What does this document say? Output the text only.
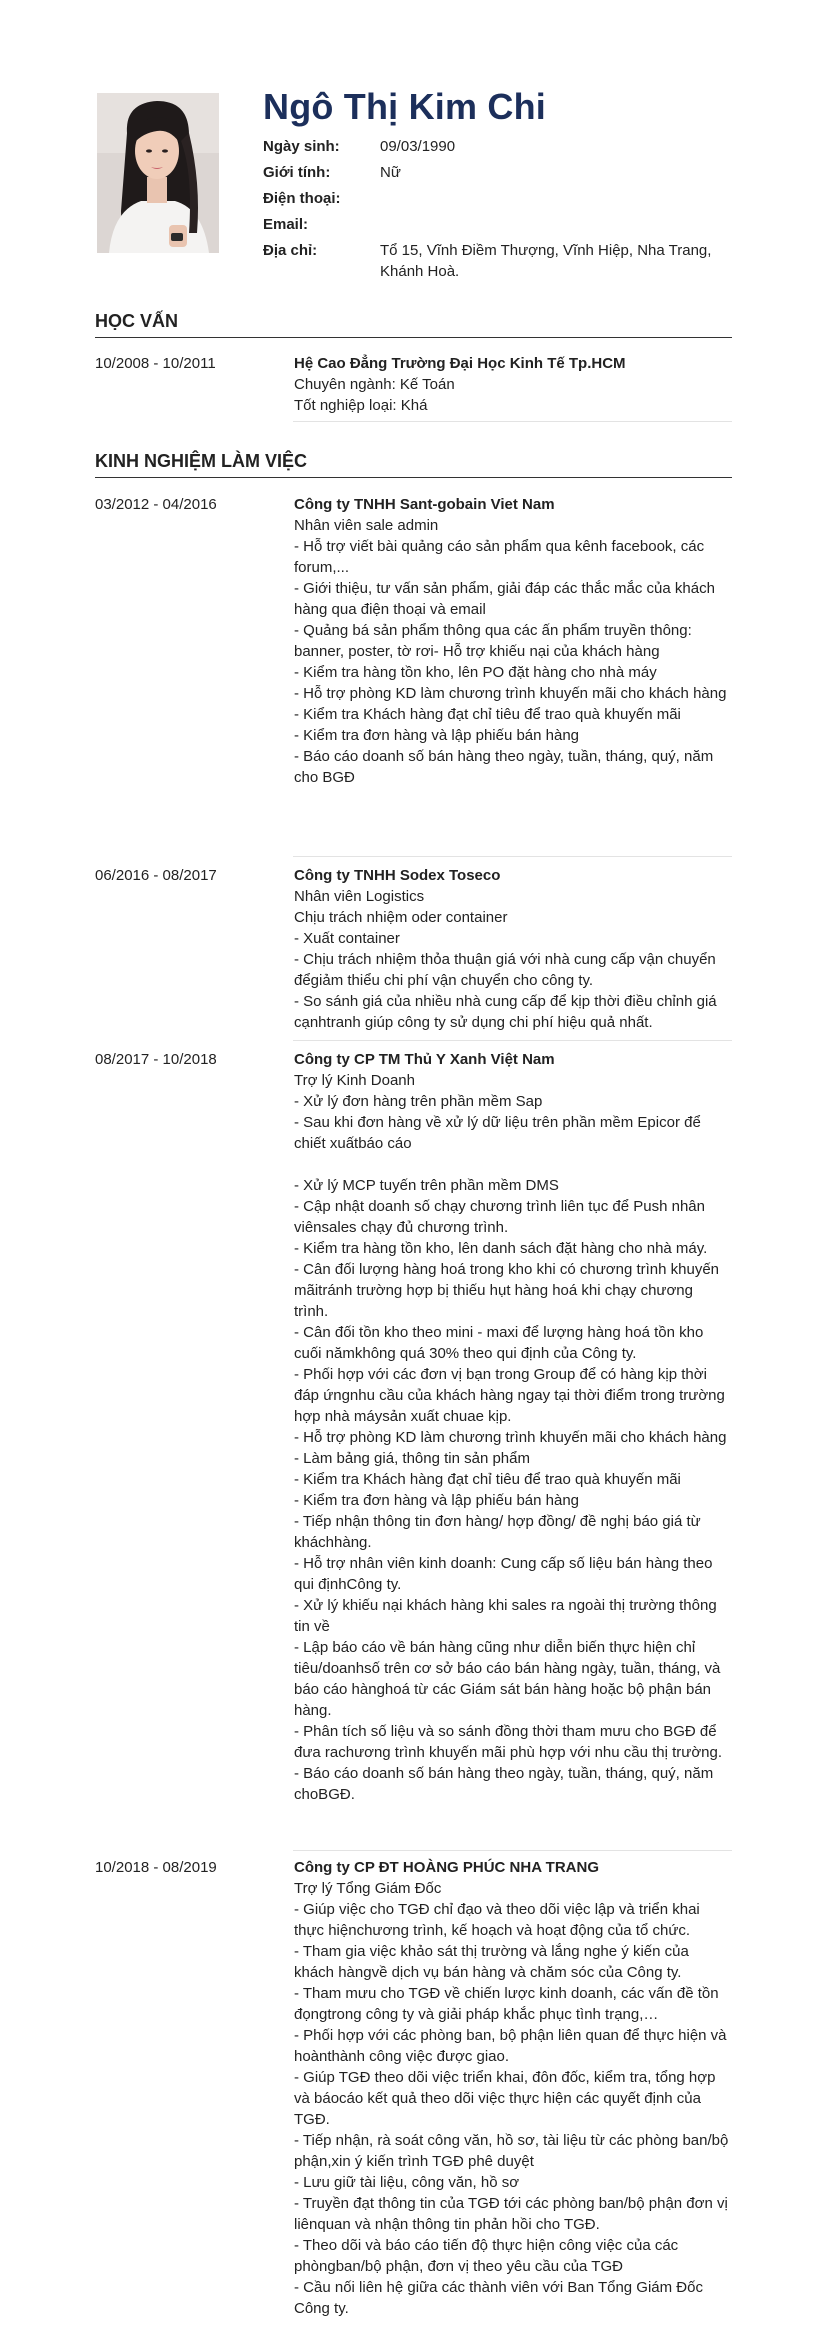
Ngô Thị Kim Chi
Ngày sinh:	09/03/1990
Giới tính:	Nữ
Điện thoại:
Email:
Địa chỉ:	Tổ 15, Vĩnh Điềm Thượng, Vĩnh Hiệp, Nha Trang, Khánh Hoà.
HỌC VẤN
10/2008 - 10/2011	Hệ Cao Đẳng Trường Đại Học Kinh Tế Tp.HCM
Chuyên ngành: Kế Toán
Tốt nghiệp loại: Khá
KINH NGHIỆM LÀM VIỆC
03/2012 - 04/2016	Công ty TNHH Sant-gobain Viet Nam
Nhân viên sale admin
- Hỗ trợ viết bài quảng cáo sản phẩm qua kênh facebook, các forum,...
- Giới thiệu, tư vấn sản phẩm, giải đáp các thắc mắc của khách hàng qua điện thoại và email
- Quảng bá sản phẩm thông qua các ấn phẩm truyền thông: banner, poster, tờ rơi- Hỗ trợ khiếu nại của khách hàng
- Kiểm tra hàng tồn kho, lên PO đặt hàng cho nhà máy
- Hỗ trợ phòng KD làm chương trình khuyến mãi cho khách hàng
- Kiểm tra Khách hàng đạt chỉ tiêu để trao quà khuyến mãi
- Kiểm tra đơn hàng và lập phiếu bán hàng
- Báo cáo doanh số bán hàng theo ngày, tuần, tháng, quý, năm cho BGĐ
06/2016 - 08/2017	Công ty TNHH Sodex Toseco
Nhân viên Logistics
Chịu trách nhiệm oder container
- Xuất container
- Chịu trách nhiệm thỏa thuận giá với nhà cung cấp vận chuyển đểgiảm thiểu chi phí vận chuyển cho công ty.
- So sánh giá của nhiều nhà cung cấp để kịp thời điều chỉnh giá cạnhtranh giúp công ty sử dụng chi phí hiệu quả nhất.
08/2017 - 10/2018	Công ty CP TM Thủ Y Xanh Việt Nam
Trợ lý Kinh Doanh
- Xử lý đơn hàng trên phần mềm Sap
- Sau khi đơn hàng về xử lý dữ liệu trên phần mềm Epicor để chiết xuấtbáo cáo
- Xử lý MCP tuyến trên phần mềm DMS
- Cập nhật doanh số chạy chương trình liên tục để Push nhân viênsales chạy đủ chương trình.
- Kiểm tra hàng tồn kho, lên danh sách đặt hàng cho nhà máy.
- Cân đối lượng hàng hoá trong kho khi có chương trình khuyến mãitránh trường hợp bị thiếu hụt hàng hoá khi chạy chương trình.
- Cân đối tồn kho theo mini - maxi để lượng hàng hoá tồn kho cuối nămkhông quá 30% theo qui định của Công ty.
- Phối hợp với các đơn vị bạn trong Group để có hàng kịp thời đáp ứngnhu cầu của khách hàng ngay tại thời điểm trong trường hợp nhà máysản xuất chuae kịp.
- Hỗ trợ phòng KD làm chương trình khuyến mãi cho khách hàng
- Làm bảng giá, thông tin sản phẩm
- Kiểm tra Khách hàng đạt chỉ tiêu để trao quà khuyến mãi
- Kiểm tra đơn hàng và lập phiếu bán hàng
- Tiếp nhận thông tin đơn hàng/ hợp đồng/ đề nghị báo giá từ kháchhàng.
- Hỗ trợ nhân viên kinh doanh: Cung cấp số liệu bán hàng theo qui địnhCông ty.
- Xử lý khiếu nại khách hàng khi sales ra ngoài thị trường thông tin về
- Lập báo cáo về bán hàng cũng như diễn biến thực hiện chỉ tiêu/doanhsố trên cơ sở báo cáo bán hàng ngày, tuần, tháng, và báo cáo hànghoá từ các Giám sát bán hàng hoặc bộ phận bán hàng.
- Phân tích số liệu và so sánh đồng thời tham mưu cho BGĐ để đưa rachương trình khuyến mãi phù hợp với nhu cầu thị trường.
- Báo cáo doanh số bán hàng theo ngày, tuần, tháng, quý, năm choBGĐ.
10/2018 - 08/2019	Công ty CP ĐT HOÀNG PHÚC NHA TRANG
Trợ lý Tổng Giám Đốc
- Giúp việc cho TGĐ chỉ đạo và theo dõi việc lập và triển khai thực hiệnchương trình, kế hoạch và hoạt động của tổ chức.
- Tham gia việc khảo sát thị trường và lắng nghe ý kiến của khách hàngvề dịch vụ bán hàng và chăm sóc của Công ty.
- Tham mưu cho TGĐ về chiến lược kinh doanh, các vấn đề tồn đọngtrong công ty và giải pháp khắc phục tình trạng,…
- Phối hợp với các phòng ban, bộ phận liên quan để thực hiện và hoànthành công việc được giao.
- Giúp TGĐ theo dõi việc triển khai, đôn đốc, kiểm tra, tổng hợp và báocáo kết quả theo dõi việc thực hiện các quyết định của TGĐ.
- Tiếp nhận, rà soát công văn, hồ sơ, tài liệu từ các phòng ban/bộ phận,xin ý kiến trình TGĐ phê duyệt
- Lưu giữ tài liệu, công văn, hồ sơ
- Truyền đạt thông tin của TGĐ tới các phòng ban/bộ phận đơn vị liênquan và nhận thông tin phản hồi cho TGĐ.
- Theo dõi và báo cáo tiến độ thực hiện công việc của các phòngban/bộ phận, đơn vị theo yêu cầu của TGĐ
- Cầu nối liên hệ giữa các thành viên với Ban Tổng Giám Đốc Công ty.
